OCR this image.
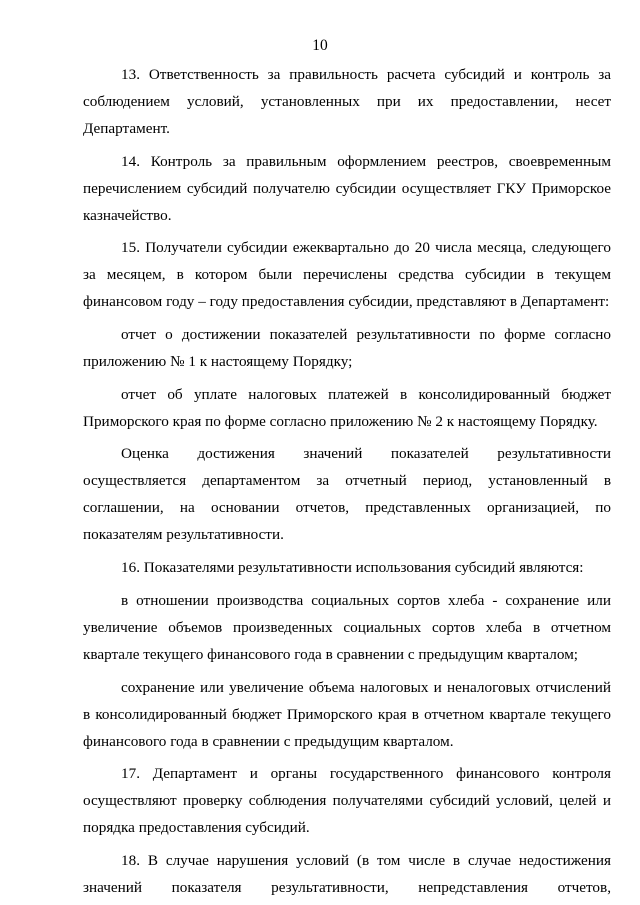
10

13. Ответственность за правильность расчета субсидий и контроль за соблюдением условий, установленных при их предоставлении, несет Департамент.

14. Контроль за правильным оформлением реестров, своевременным перечислением субсидий получателю субсидии осуществляет ГКУ Приморское казначейство.

15. Получатели субсидии ежеквартально до 20 числа месяца, следующего за месяцем, в котором были перечислены средства субсидии в текущем финансовом году – году предоставления субсидии, представляют в Департамент:

отчет о достижении показателей результативности по форме согласно приложению № 1 к настоящему Порядку;

отчет об уплате налоговых платежей в консолидированный бюджет Приморского края по форме согласно приложению № 2 к настоящему Порядку.

Оценка достижения значений показателей результативности осуществляется департаментом за отчетный период, установленный в соглашении, на основании отчетов, представленных организацией, по показателям результативности.

16. Показателями результативности использования субсидий являются:

в отношении производства социальных сортов хлеба - сохранение или увеличение объемов произведенных социальных сортов хлеба в отчетном квартале текущего финансового года в сравнении с предыдущим кварталом;

сохранение или увеличение объема налоговых и неналоговых отчислений в консолидированный бюджет Приморского края в отчетном квартале текущего финансового года в сравнении с предыдущим кварталом.

17. Департамент и органы государственного финансового контроля осуществляют проверку соблюдения получателями субсидий условий, целей и порядка предоставления субсидий.

18. В случае нарушения условий (в том числе в случае недостижения значений показателя результативности, непредставления отчетов,
